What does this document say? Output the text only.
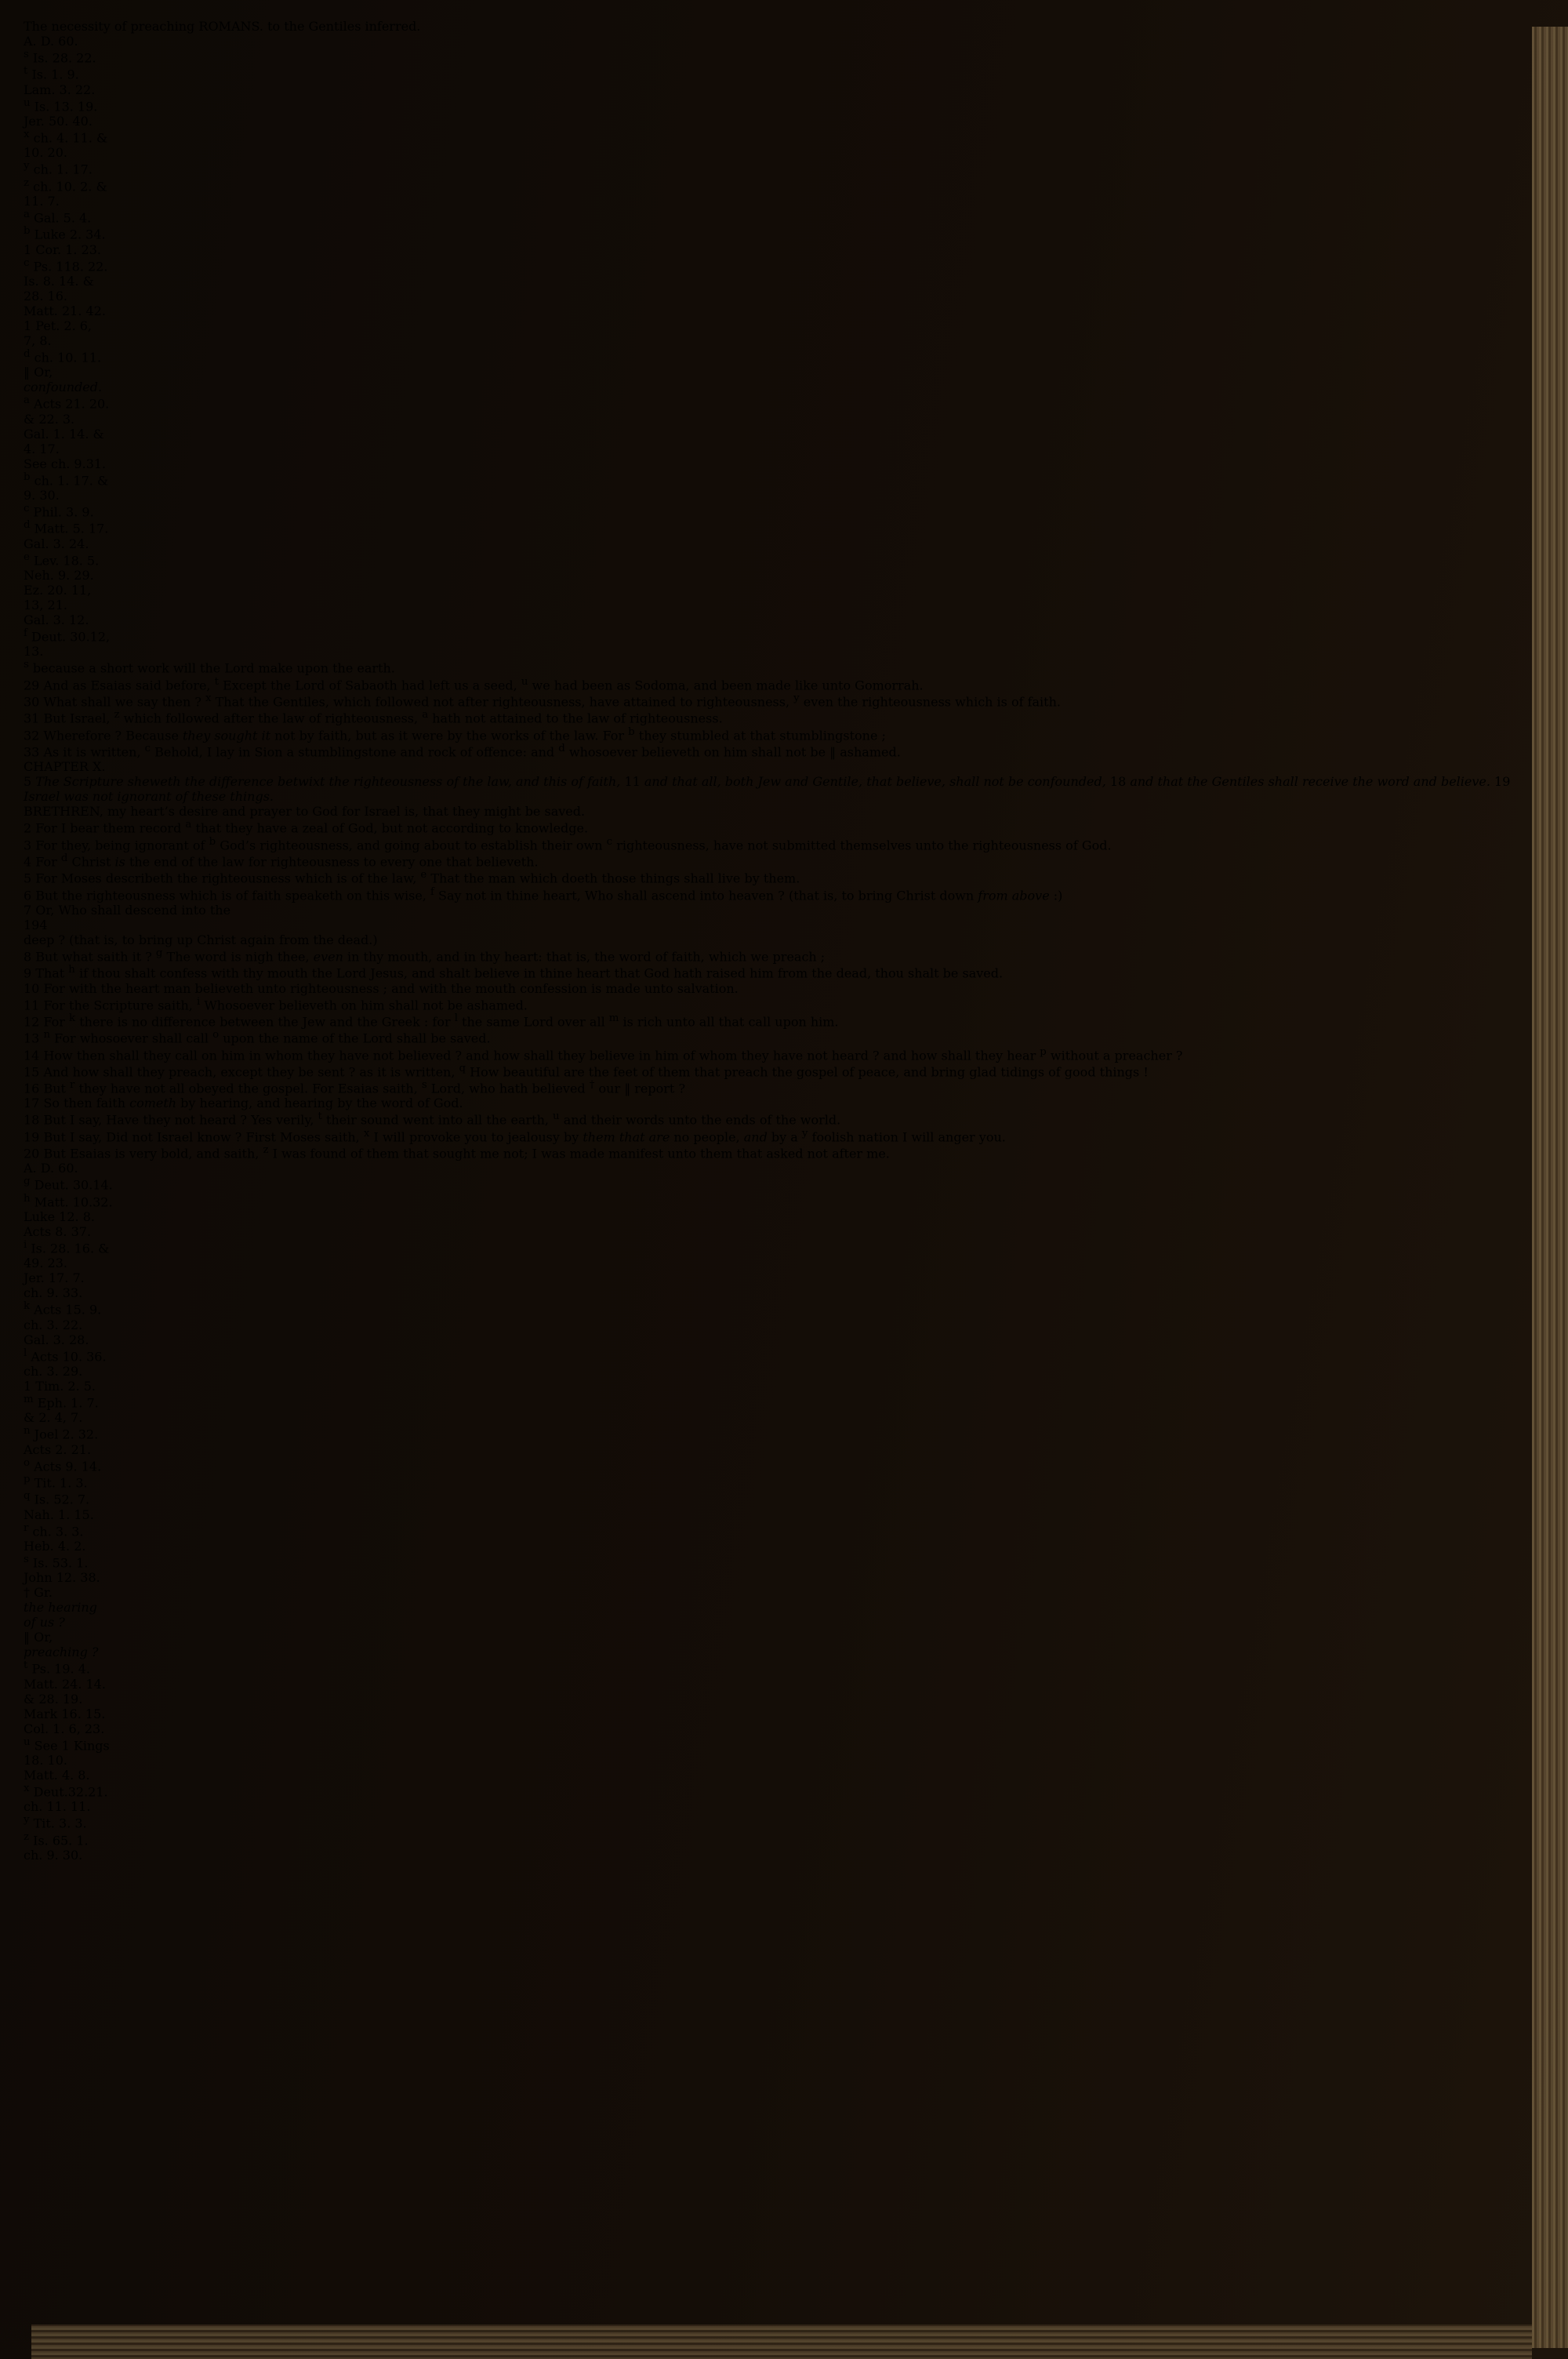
The necessity of preaching ROMANS. to the Gentiles inferred.
A. D. 60.
$^s$ Is. 28. 22.
$^t$ Is. 1. 9.
Lam. 3. 22.
$^u$ Is. 13. 19.
Jer. 50. 40.
$^x$ ch. 4. 11. &
10. 20.
$^y$ ch. 1. 17.
$^z$ ch. 10. 2. &
11. 7.
$^a$ Gal. 5. 4.
$^b$ Luke 2. 34.
1 Cor. 1. 23.
$^c$ Ps. 118. 22.
Is. 8. 14. &
28. 16.
Matt. 21. 42.
1 Pet. 2. 6,
7, 8.
$^d$ ch. 10. 11.
‖ Or,
confounded.
$^a$ Acts 21. 20.
& 22. 3.
Gal. 1. 14. &
4. 17.
See ch. 9.31.
$^b$ ch. 1. 17. &
9. 30.
$^c$ Phil. 3. 9.
$^d$ Matt. 5. 17.
Gal. 3. 24.
$^e$ Lev. 18. 5.
Neh. 9. 29.
Ez. 20. 11,
13, 21.
Gal. 3. 12.
$^f$ Deut. 30.12,
13.
$^s$ because a short work will the Lord make upon the earth.
29 And as Esaias said before, $^t$ Except the Lord of Sabaoth had left us a seed, $^u$ we had been as Sodoma, and been made like unto Gomorrah.
30 What shall we say then ? $^x$ That the Gentiles, which followed not after righteousness, have attained to righteousness, $^y$ even the righteousness which is of faith.
31 But Israel, $^z$ which followed after the law of righteousness, $^a$ hath not attained to the law of righteousness.
32 Wherefore ? Because they sought it not by faith, but as it were by the works of the law. For $^b$ they stumbled at that stumblingstone ;
33 As it is written, $^c$ Behold, I lay in Sion a stumblingstone and rock of offence: and $^d$ whosoever believeth on him shall not be ‖ ashamed.
CHAPTER X.
5 The Scripture sheweth the difference betwixt the righteousness of the law, and this of faith, 11 and that all, both Jew and Gentile, that believe, shall not be confounded, 18 and that the Gentiles shall receive the word and believe. 19 Israel was not ignorant of these things.
BRETHREN, my heart’s desire and prayer to God for Israel is, that they might be saved.
2 For I bear them record $^a$ that they have a zeal of God, but not according to knowledge.
3 For they, being ignorant of $^b$ God’s righteousness, and going about to establish their own $^c$ righteousness, have not submitted themselves unto the righteousness of God.
4 For $^d$ Christ is the end of the law for righteousness to every one that believeth.
5 For Moses describeth the righteousness which is of the law, $^e$ That the man which doeth those things shall live by them.
6 But the righteousness which is of faith speaketh on this wise, $^f$ Say not in thine heart, Who shall ascend into heaven ? (that is, to bring Christ down from above :)
7 Or, Who shall descend into the
194
deep ? (that is, to bring up Christ again from the dead.)
8 But what saith it ? $^g$ The word is nigh thee, even in thy mouth, and in thy heart: that is, the word of faith, which we preach ;
9 That $^h$ if thou shalt confess with thy mouth the Lord Jesus, and shalt believe in thine heart that God hath raised him from the dead, thou shalt be saved.
10 For with the heart man believeth unto righteousness ; and with the mouth confession is made unto salvation.
11 For the Scripture saith, $^i$ Whosoever believeth on him shall not be ashamed.
12 For $^k$ there is no difference between the Jew and the Greek : for $^l$ the same Lord over all $^m$ is rich unto all that call upon him.
13 $^n$ For whosoever shall call $^o$ upon the name of the Lord shall be saved.
14 How then shall they call on him in whom they have not believed ? and how shall they believe in him of whom they have not heard ? and how shall they hear $^p$ without a preacher ?
15 And how shall they preach, except they be sent ? as it is written, $^q$ How beautiful are the feet of them that preach the gospel of peace, and bring glad tidings of good things !
16 But $^r$ they have not all obeyed the gospel. For Esaias saith, $^s$ Lord, who hath believed † our ‖ report ?
17 So then faith cometh by hearing, and hearing by the word of God.
18 But I say, Have they not heard ? Yes verily, $^t$ their sound went into all the earth, $^u$ and their words unto the ends of the world.
19 But I say, Did not Israel know ? First Moses saith, $^x$ I will provoke you to jealousy by them that are no people, and by a $^y$ foolish nation I will anger you.
20 But Esaias is very bold, and saith, $^z$ I was found of them that sought me not; I was made manifest unto them that asked not after me.
A. D. 60.
$^g$ Deut. 30.14.
$^h$ Matt. 10.32.
Luke 12. 8.
Acts 8. 37.
$^i$ Is. 28. 16. &
49. 23.
Jer. 17. 7.
ch. 9. 33.
$^k$ Acts 15. 9.
ch. 3. 22.
Gal. 3. 28.
$^l$ Acts 10. 36.
ch. 3. 29.
1 Tim. 2. 5.
$^m$ Eph. 1. 7.
& 2. 4, 7.
$^n$ Joel 2. 32.
Acts 2. 21.
$^o$ Acts 9. 14.
$^p$ Tit. 1. 3.
$^q$ Is. 52. 7.
Nah. 1. 15.
$^r$ ch. 3. 3.
Heb. 4. 2.
$^s$ Is. 53. 1.
John 12. 38.
† Gr.
the hearing
of us ?
‖ Or,
preaching ?
$^t$ Ps. 19. 4.
Matt. 24. 14.
& 28. 19.
Mark 16. 15.
Col. 1. 6, 23.
$^u$ See 1 Kings
18. 10.
Matt. 4. 8.
$^x$ Deut.32.21.
ch. 11. 11.
$^y$ Tit. 3. 3.
$^z$ Is. 65. 1.
ch. 9. 30.
